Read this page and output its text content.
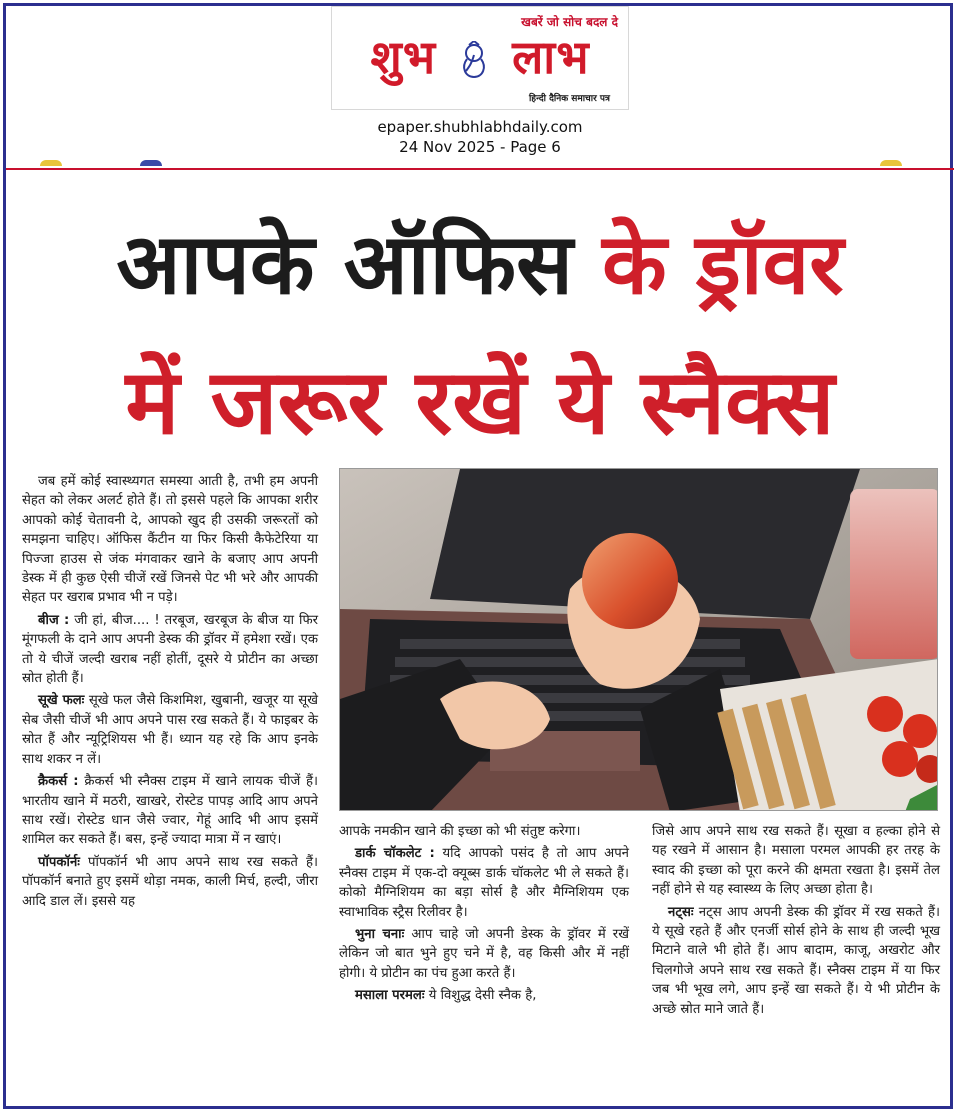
खबरें जो सोच बदल दे
शुभ लाभ
हिन्दी दैनिक समाचार पत्र
epaper.shubhlabhdaily.com
24 Nov 2025 - Page 6
आपके ऑफिस के ड्रॉवर
में जरूर रखें ये स्नैक्स

जब हमें कोई स्वास्थ्यगत समस्या आती है, तभी हम अपनी सेहत को लेकर अलर्ट होते हैं। तो इससे पहले कि आपका शरीर आपको कोई चेतावनी दे, आपको खुद ही उसकी जरूरतों को समझना चाहिए। ऑफिस कैंटीन या फिर किसी कैफेटेरिया या पिज्जा हाउस से जंक मंगवाकर खाने के बजाए आप अपनी डेस्क में ही कुछ ऐसी चीजें रखें जिनसे पेट भी भरे और आपकी सेहत पर खराब प्रभाव भी न पड़े।

बीज : जी हां, बीज.... ! तरबूज, खरबूज के बीज या फिर मूंगफली के दाने आप अपनी डेस्क की ड्रॉवर में हमेशा रखें। एक तो ये चीजें जल्दी खराब नहीं होतीं, दूसरे ये प्रोटीन का अच्छा स्रोत होती हैं।

सूखे फलः सूखे फल जैसे किशमिश, खुबानी, खजूर या सूखे सेब जैसी चीजें भी आप अपने पास रख सकते हैं। ये फाइबर के स्रोत हैं और न्यूट्रिशियस भी हैं। ध्यान यह रहे कि आप इनके साथ शकर न लें।

क्रैकर्स : क्रैकर्स भी स्नैक्स टाइम में खाने लायक चीजें हैं। भारतीय खाने में मठरी, खाखरे, रोस्टेड पापड़ आदि आप अपने साथ रखें। रोस्टेड धान जैसे ज्वार, गेहूं आदि भी आप इसमें शामिल कर सकते हैं। बस, इन्हें ज्यादा मात्रा में न खाएं।

पॉपकॉर्नः पॉपकॉर्न भी आप अपने साथ रख सकते हैं। पॉपकॉर्न बनाते हुए इसमें थोड़ा नमक, काली मिर्च, हल्दी, जीरा आदि डाल लें। इससे यह

आपके नमकीन खाने की इच्छा को भी संतुष्ट करेगा।

डार्क चॉकलेट : यदि आपको पसंद है तो आप अपने स्नैक्स टाइम में एक-दो क्यूब्स डार्क चॉकलेट भी ले सकते हैं। कोको मैग्निशियम का बड़ा सोर्स है और मैग्निशियम एक स्वाभाविक स्ट्रैस रिलीवर है।

भुना चनाः आप चाहे जो अपनी डेस्क के ड्रॉवर में रखें लेकिन जो बात भुने हुए चने में है, वह किसी और में नहीं होगी। ये प्रोटीन का पंच हुआ करते हैं।

मसाला परमलः ये विशुद्ध देसी स्नैक है,

जिसे आप अपने साथ रख सकते हैं। सूखा व हल्का होने से यह रखने में आसान है। मसाला परमल आपकी हर तरह के स्वाद की इच्छा को पूरा करने की क्षमता रखता है। इसमें तेल नहीं होने से यह स्वास्थ्य के लिए अच्छा होता है।

नट्सः नट्स आप अपनी डेस्क की ड्रॉवर में रख सकते हैं। ये सूखे रहते हैं और एनर्जी सोर्स होने के साथ ही जल्दी भूख मिटाने वाले भी होते हैं। आप बादाम, काजू, अखरोट और चिलगोजे अपने साथ रख सकते हैं। स्नैक्स टाइम में या फिर जब भी भूख लगे, आप इन्हें खा सकते हैं। ये भी प्रोटीन के अच्छे स्रोत माने जाते हैं।
